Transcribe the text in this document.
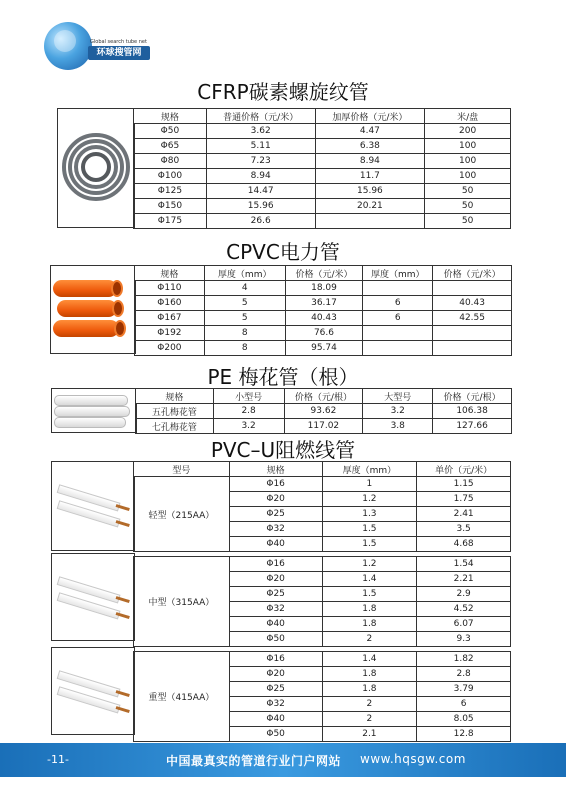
Global search tube net
环球搜管网
CFRP碳素螺旋纹管
规格	普通价格（元/米）	加厚价格（元/米）	米/盘
Φ50	3.62	4.47	200
Φ65	5.11	6.38	100
Φ80	7.23	8.94	100
Φ100	8.94	11.7	100
Φ125	14.47	15.96	50
Φ150	15.96	20.21	50
Φ175	26.6		50
CPVC电力管
规格	厚度（mm）	价格（元/米）	厚度（mm）	价格（元/米）
Φ110	4	18.09		
Φ160	5	36.17	6	40.43
Φ167	5	40.43	6	42.55
Φ192	8	76.6		
Φ200	8	95.74		
PE 梅花管（根）
规格	小型号	价格（元/根）	大型号	价格（元/根）
五孔梅花管	2.8	93.62	3.2	106.38
七孔梅花管	3.2	117.02	3.8	127.66
PVC–U阻燃线管
型号	规格	厚度（mm）	单价（元/米）
轻型（215AA）	Φ16	1	1.15
	Φ20	1.2	1.75
	Φ25	1.3	2.41
	Φ32	1.5	3.5
	Φ40	1.5	4.68

中型（315AA）	Φ16	1.2	1.54
	Φ20	1.4	2.21
	Φ25	1.5	2.9
	Φ32	1.8	4.52
	Φ40	1.8	6.07
	Φ50	2	9.3

重型（415AA）	Φ16	1.4	1.82
	Φ20	1.8	2.8
	Φ25	1.8	3.79
	Φ32	2	6
	Φ40	2	8.05
	Φ50	2.1	12.8
-11-	中国最真实的管道行业门户网站 www.hqsgw.com
